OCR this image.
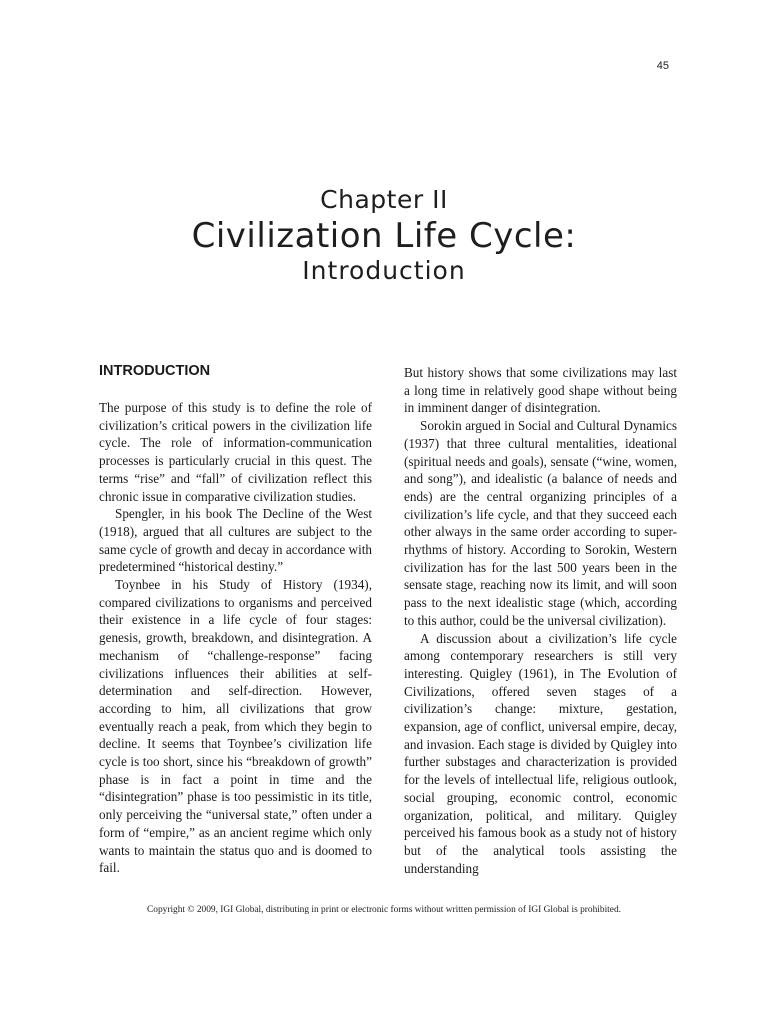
45
Chapter II
Civilization Life Cycle:
Introduction
INTRODUCTION

The purpose of this study is to define the role of civilization’s critical powers in the civilization life cycle. The role of information-communication processes is particularly crucial in this quest. The terms “rise” and “fall” of civilization reflect this chronic issue in comparative civilization studies.

Spengler, in his book The Decline of the West (1918), argued that all cultures are subject to the same cycle of growth and decay in accordance with predetermined “historical destiny.”

Toynbee in his Study of History (1934), compared civilizations to organisms and perceived their existence in a life cycle of four stages: genesis, growth, breakdown, and disintegration. A mechanism of “challenge-response” facing civilizations influences their abilities at self-determination and self-direction. However, according to him, all civilizations that grow eventually reach a peak, from which they begin to decline. It seems that Toynbee’s civilization life cycle is too short, since his “breakdown of growth” phase is in fact a point in time and the “disintegration” phase is too pessimistic in its title, only perceiving the “universal state,” often under a form of “empire,” as an ancient regime which only wants to maintain the status quo and is doomed to fail.

But history shows that some civilizations may last a long time in relatively good shape without being in imminent danger of disintegration.

Sorokin argued in Social and Cultural Dynamics (1937) that three cultural mentalities, ideational (spiritual needs and goals), sensate (“wine, women, and song”), and idealistic (a balance of needs and ends) are the central organizing principles of a civilization’s life cycle, and that they succeed each other always in the same order according to super-rhythms of history. According to Sorokin, Western civilization has for the last 500 years been in the sensate stage, reaching now its limit, and will soon pass to the next idealistic stage (which, according to this author, could be the universal civilization).

A discussion about a civilization’s life cycle among contemporary researchers is still very interesting. Quigley (1961), in The Evolution of Civilizations, offered seven stages of a civilization’s change: mixture, gestation, expansion, age of conflict, universal empire, decay, and invasion. Each stage is divided by Quigley into further substages and characterization is provided for the levels of intellectual life, religious outlook, social grouping, economic control, economic organization, political, and military. Quigley perceived his famous book as a study not of history but of the analytical tools assisting the understanding

Copyright © 2009, IGI Global, distributing in print or electronic forms without written permission of IGI Global is prohibited.
